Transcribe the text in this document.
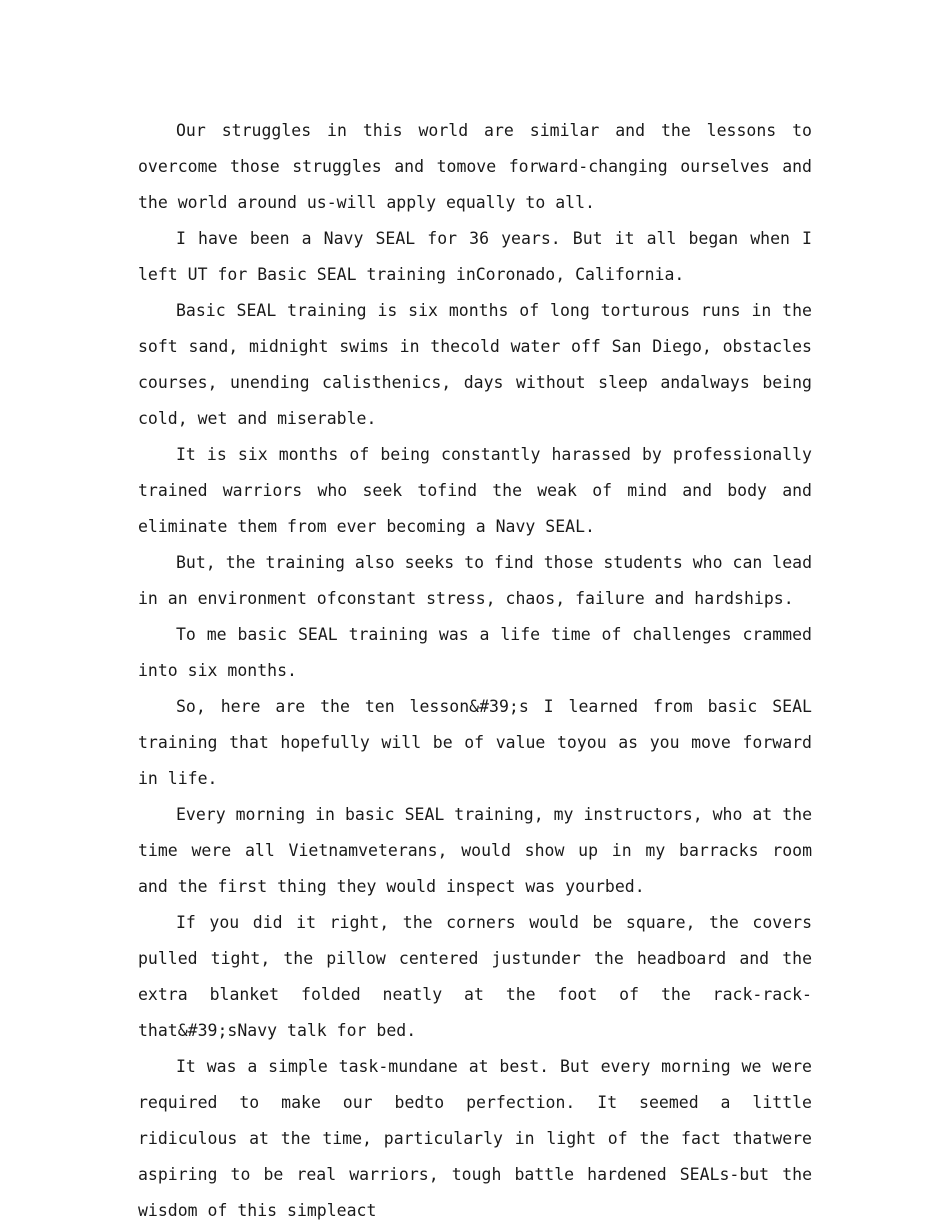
Our struggles in this world are similar and the lessons to overcome those struggles and tomove forward-changing ourselves and the world around us-will apply equally to all.

I have been a Navy SEAL for 36 years. But it all began when I left UT for Basic SEAL training inCoronado, California.

Basic SEAL training is six months of long torturous runs in the soft sand, midnight swims in thecold water off San Diego, obstacles courses, unending calisthenics, days without sleep andalways being cold, wet and miserable.

It is six months of being constantly harassed by professionally trained warriors who seek tofind the weak of mind and body and eliminate them from ever becoming a Navy SEAL.

But, the training also seeks to find those students who can lead in an environment ofconstant stress, chaos, failure and hardships.

To me basic SEAL training was a life time of challenges crammed into six months.

So, here are the ten lesson&#39;s I learned from basic SEAL training that hopefully will be of value toyou as you move forward in life.

Every morning in basic SEAL training, my instructors, who at the time were all Vietnamveterans, would show up in my barracks room and the first thing they would inspect was yourbed.

If you did it right, the corners would be square, the covers pulled tight, the pillow centered justunder the headboard and the extra blanket folded neatly at the foot of the rack-rack-that&#39;sNavy talk for bed.

It was a simple task-mundane at best. But every morning we were required to make our bedto perfection. It seemed a little ridiculous at the time, particularly in light of the fact thatwere aspiring to be real warriors, tough battle hardened SEALs-but the wisdom of this simpleact
